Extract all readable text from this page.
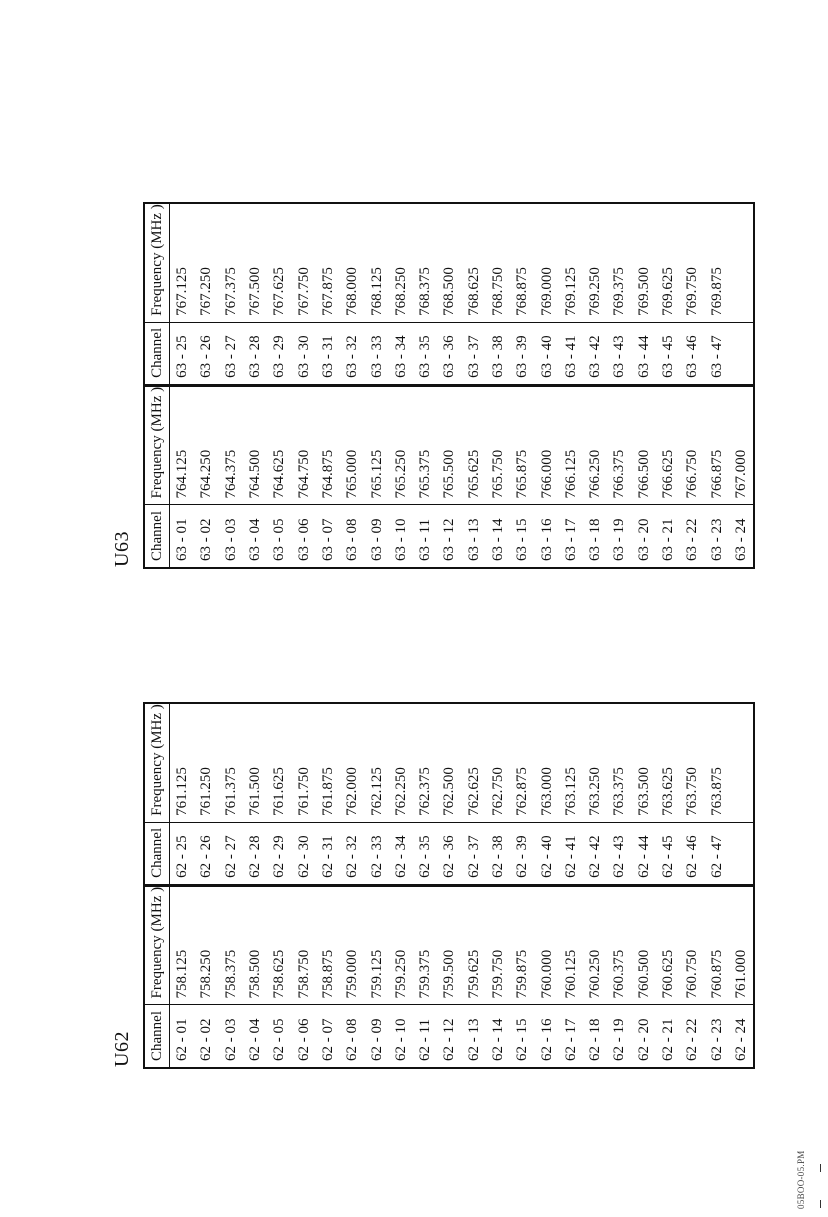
U62 Channel	Frequency (MHz )	Channel	Frequency (MHz )
62 - 01	758.125	62 - 25	761.125
62 - 02	758.250	62 - 26	761.250
62 - 03	758.375	62 - 27	761.375
62 - 04	758.500	62 - 28	761.500
62 - 05	758.625	62 - 29	761.625
62 - 06	758.750	62 - 30	761.750
62 - 07	758.875	62 - 31	761.875
62 - 08	759.000	62 - 32	762.000
62 - 09	759.125	62 - 33	762.125
62 - 10	759.250	62 - 34	762.250
62 - 11	759.375	62 - 35	762.375
62 - 12	759.500	62 - 36	762.500
62 - 13	759.625	62 - 37	762.625
62 - 14	759.750	62 - 38	762.750
62 - 15	759.875	62 - 39	762.875
62 - 16	760.000	62 - 40	763.000
62 - 17	760.125	62 - 41	763.125
62 - 18	760.250	62 - 42	763.250
62 - 19	760.375	62 - 43	763.375
62 - 20	760.500	62 - 44	763.500
62 - 21	760.625	62 - 45	763.625
62 - 22	760.750	62 - 46	763.750
62 - 23	760.875	62 - 47	763.875
62 - 24	761.000		
U63 Channel	Frequency (MHz )	Channel	Frequency (MHz )
63 - 01	764.125	63 - 25	767.125
63 - 02	764.250	63 - 26	767.250
63 - 03	764.375	63 - 27	767.375
63 - 04	764.500	63 - 28	767.500
63 - 05	764.625	63 - 29	767.625
63 - 06	764.750	63 - 30	767.750
63 - 07	764.875	63 - 31	767.875
63 - 08	765.000	63 - 32	768.000
63 - 09	765.125	63 - 33	768.125
63 - 10	765.250	63 - 34	768.250
63 - 11	765.375	63 - 35	768.375
63 - 12	765.500	63 - 36	768.500
63 - 13	765.625	63 - 37	768.625
63 - 14	765.750	63 - 38	768.750
63 - 15	765.875	63 - 39	768.875
63 - 16	766.000	63 - 40	769.000
63 - 17	766.125	63 - 41	769.125
63 - 18	766.250	63 - 42	769.250
63 - 19	766.375	63 - 43	769.375
63 - 20	766.500	63 - 44	769.500
63 - 21	766.625	63 - 45	769.625
63 - 22	766.750	63 - 46	769.750
63 - 23	766.875	63 - 47	769.875
63 - 24	767.000		
05BOO-05.PM
